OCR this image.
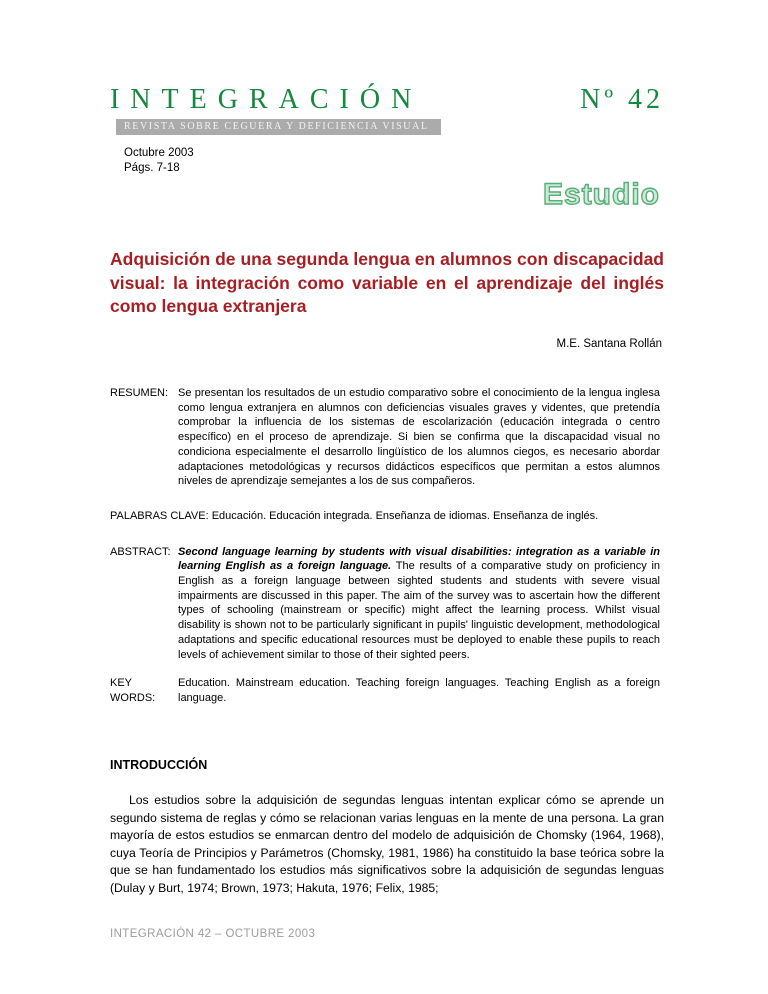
INTEGRACIÓN	Nº 42
REVISTA SOBRE CEGUERA Y DEFICIENCIA VISUAL
Octubre 2003
Págs. 7-18
Estudio
Adquisición de una segunda lengua en alumnos con discapacidad visual: la integración como variable en el aprendizaje del inglés como lengua extranjera
M.E. Santana Rollán
RESUMEN: Se presentan los resultados de un estudio comparativo sobre el conocimiento de la lengua inglesa como lengua extranjera en alumnos con deficiencias visuales graves y videntes, que pretendía comprobar la influencia de los sistemas de escolarización (educación integrada o centro específico) en el proceso de aprendizaje. Si bien se confirma que la discapacidad visual no condiciona especialmente el desarrollo lingüístico de los alumnos ciegos, es necesario abordar adaptaciones metodológicas y recursos didácticos específicos que permitan a estos alumnos niveles de aprendizaje semejantes a los de sus compañeros.

PALABRAS CLAVE: Educación. Educación integrada. Enseñanza de idiomas. Enseñanza de inglés.

ABSTRACT: Second language learning by students with visual disabilities: integration as a variable in learning English as a foreign language. The results of a comparative study on proficiency in English as a foreign language between sighted students and students with severe visual impairments are discussed in this paper. The aim of the survey was to ascertain how the different types of schooling (mainstream or specific) might affect the learning process. Whilst visual disability is shown not to be particularly significant in pupils' linguistic development, methodological adaptations and specific educational resources must be deployed to enable these pupils to reach levels of achievement similar to those of their sighted peers.
KEY WORDS:
Education. Mainstream education. Teaching foreign languages. Teaching English as a foreign language.
INTRODUCCIÓN

Los estudios sobre la adquisición de segundas lenguas intentan explicar cómo se aprende un segundo sistema de reglas y cómo se relacionan varias lenguas en la mente de una persona. La gran mayoría de estos estudios se enmarcan dentro del modelo de adquisición de Chomsky (1964, 1968), cuya Teoría de Principios y Parámetros (Chomsky, 1981, 1986) ha constituido la base teórica sobre la que se han fundamentado los estudios más significativos sobre la adquisición de segundas lenguas (Dulay y Burt, 1974; Brown, 1973; Hakuta, 1976; Felix, 1985;

INTEGRACIÓN 42 – OCTUBRE 2003
